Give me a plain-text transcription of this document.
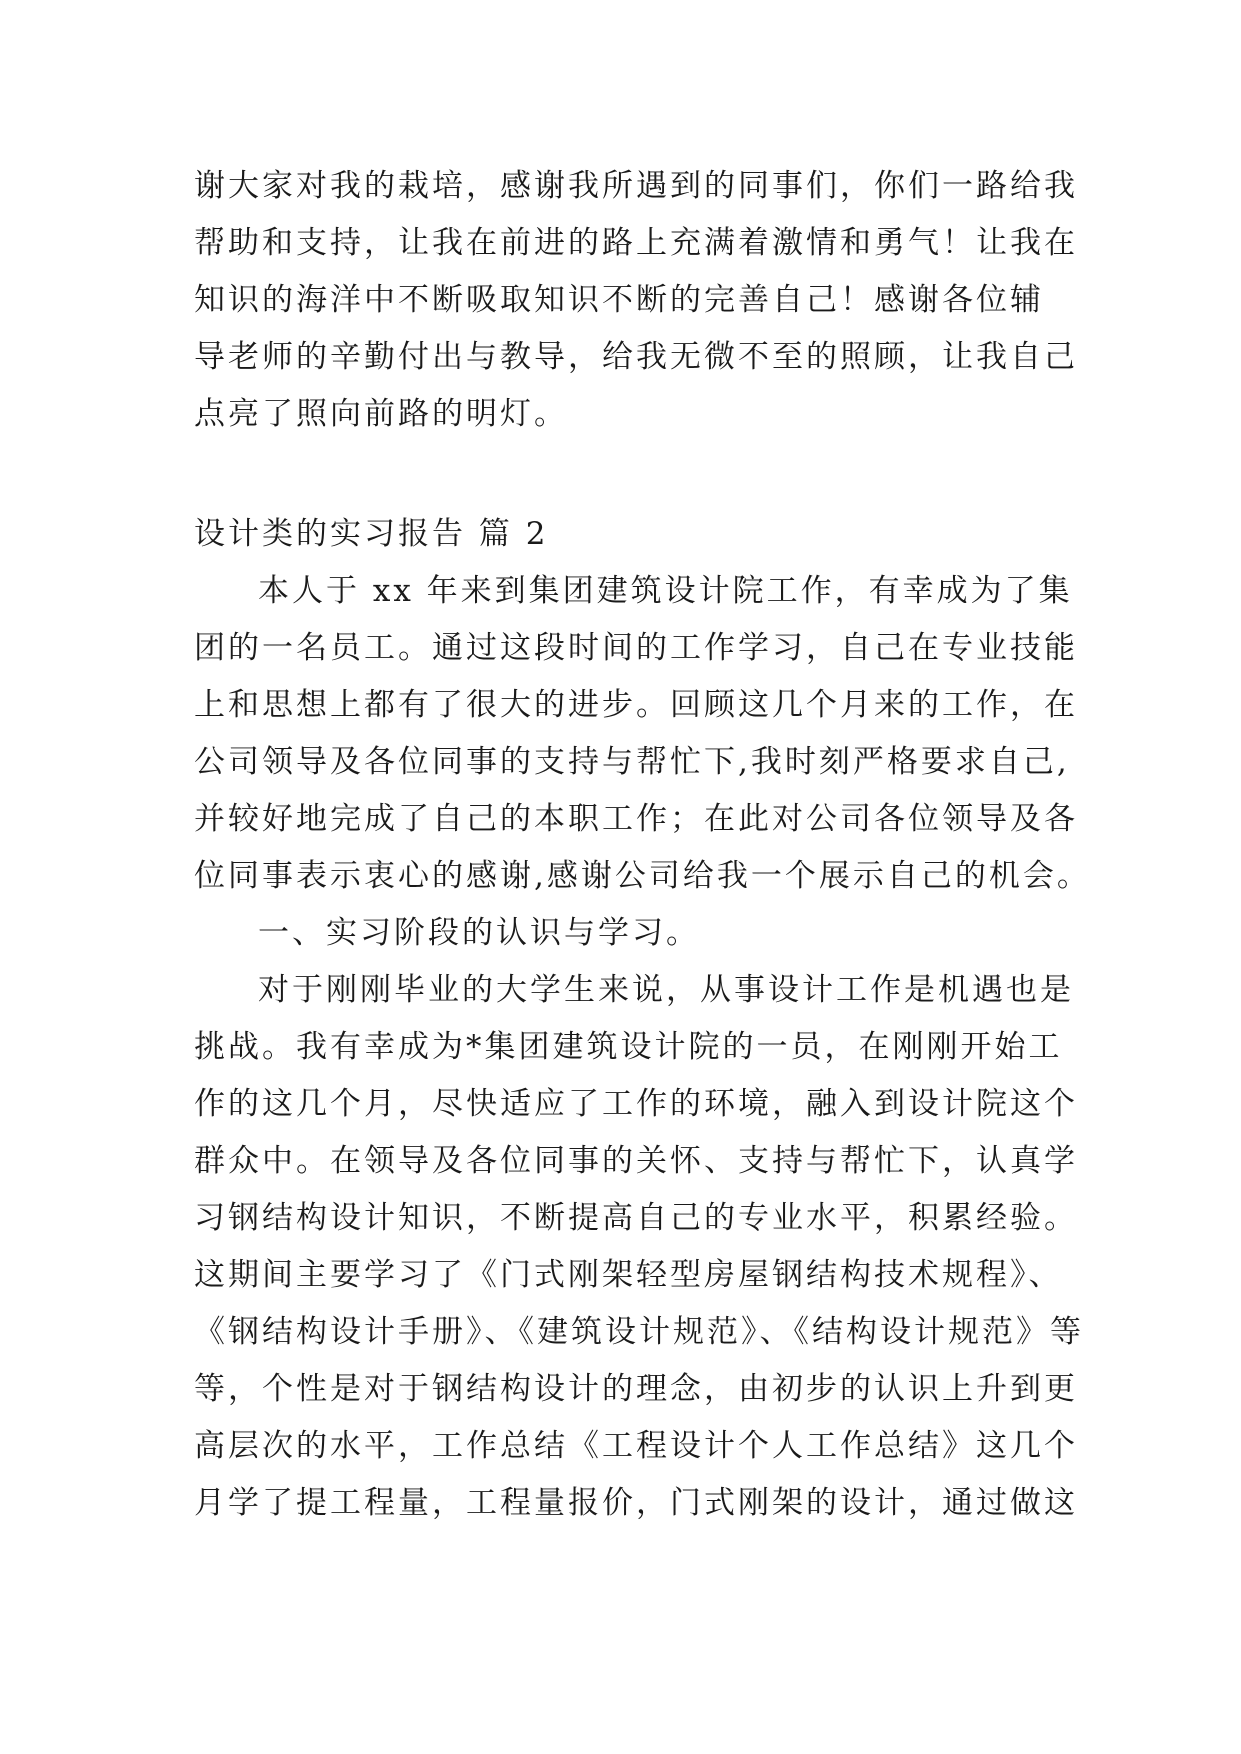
谢大家对我的栽培，感谢我所遇到的同事们，你们一路给我
帮助和支持，让我在前进的路上充满着激情和勇气！让我在
知识的海洋中不断吸取知识不断的完善自己！感谢各位辅
导老师的辛勤付出与教导，给我无微不至的照顾，让我自己
点亮了照向前路的明灯。
设计类的实习报告 篇 2
本人于 xx 年来到集团建筑设计院工作，有幸成为了集
团的一名员工。通过这段时间的工作学习，自己在专业技能
上和思想上都有了很大的进步。回顾这几个月来的工作，在
公司领导及各位同事的支持与帮忙下,我时刻严格要求自己,
并较好地完成了自己的本职工作；在此对公司各位领导及各
位同事表示衷心的感谢,感谢公司给我一个展示自己的机会。
一、实习阶段的认识与学习。
对于刚刚毕业的大学生来说，从事设计工作是机遇也是
挑战。我有幸成为*集团建筑设计院的一员，在刚刚开始工
作的这几个月，尽快适应了工作的环境，融入到设计院这个
群众中。在领导及各位同事的关怀、支持与帮忙下，认真学
习钢结构设计知识，不断提高自己的专业水平，积累经验。
这期间主要学习了《门式刚架轻型房屋钢结构技术规程》、
《钢结构设计手册》、《建筑设计规范》、《结构设计规范》等
等，个性是对于钢结构设计的理念，由初步的认识上升到更
高层次的水平，工作总结《工程设计个人工作总结》这几个
月学了提工程量，工程量报价，门式刚架的设计，通过做这
